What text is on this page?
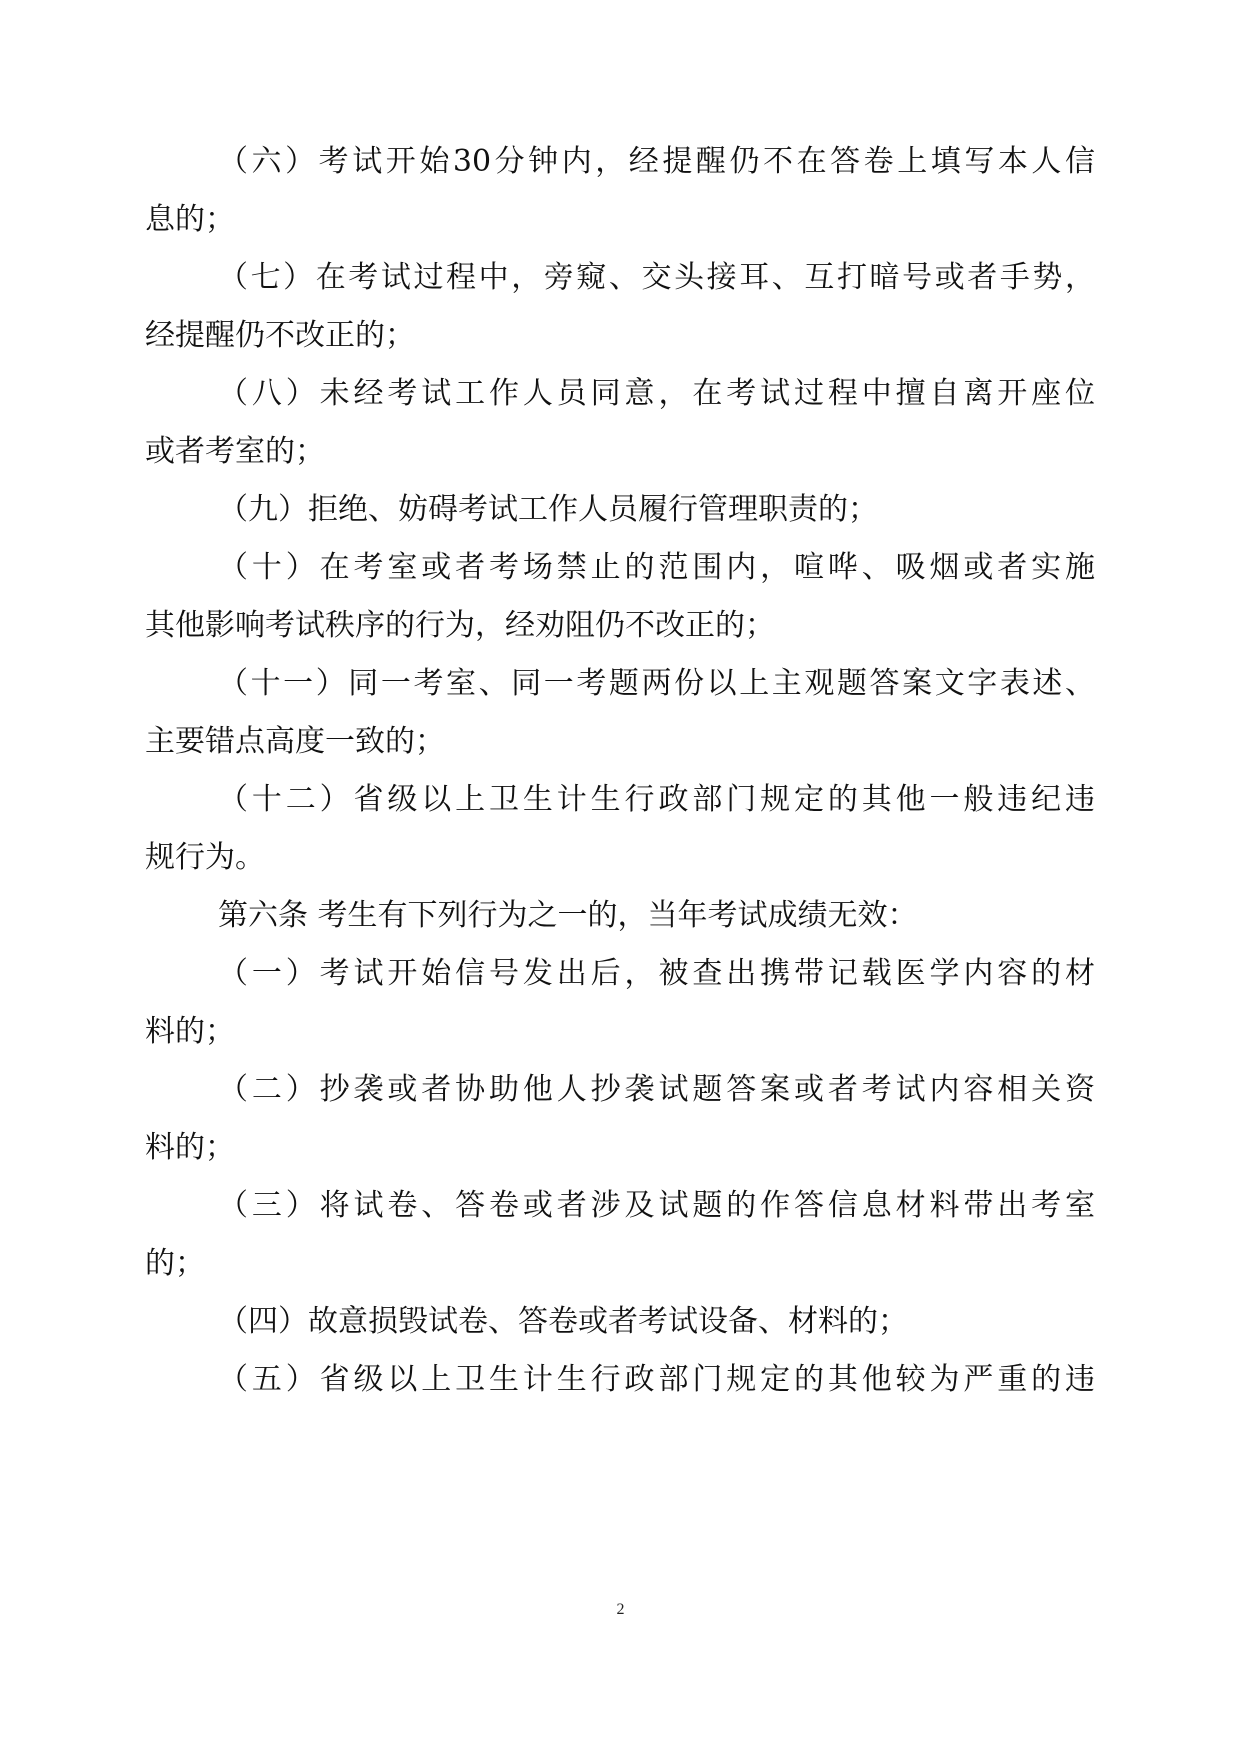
（六）考试开始30分钟内，经提醒仍不在答卷上填写本人信
息的；
（七）在考试过程中，旁窥、交头接耳、互打暗号或者手势，
经提醒仍不改正的；
（八）未经考试工作人员同意，在考试过程中擅自离开座位
或者考室的；
（九）拒绝、妨碍考试工作人员履行管理职责的；
（十）在考室或者考场禁止的范围内，喧哗、吸烟或者实施
其他影响考试秩序的行为，经劝阻仍不改正的；
（十一）同一考室、同一考题两份以上主观题答案文字表述、
主要错点高度一致的；
（十二）省级以上卫生计生行政部门规定的其他一般违纪违
规行为。
第六条 考生有下列行为之一的，当年考试成绩无效：
（一）考试开始信号发出后，被查出携带记载医学内容的材
料的；
（二）抄袭或者协助他人抄袭试题答案或者考试内容相关资
料的；
（三）将试卷、答卷或者涉及试题的作答信息材料带出考室
的；
（四）故意损毁试卷、答卷或者考试设备、材料的；
（五）省级以上卫生计生行政部门规定的其他较为严重的违
2
